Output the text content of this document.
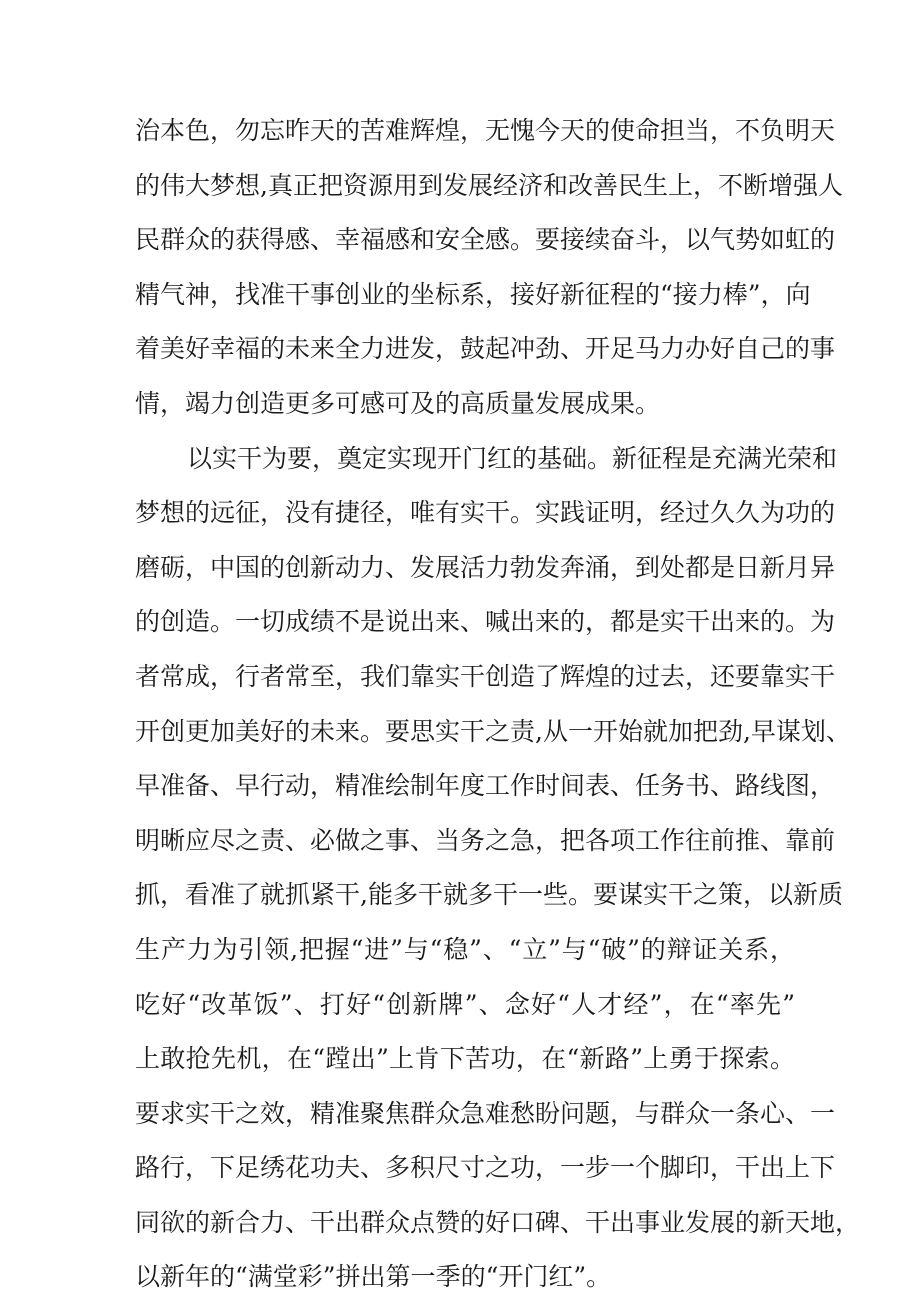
治本色，勿忘昨天的苦难辉煌，无愧今天的使命担当，不负明天
的伟大梦想,真正把资源用到发展经济和改善民生上，不断增强人
民群众的获得感、幸福感和安全感。要接续奋斗，以气势如虹的
精气神，找准干事创业的坐标系，接好新征程的“接力棒”，向
着美好幸福的未来全力进发，鼓起冲劲、开足马力办好自己的事
情，竭力创造更多可感可及的高质量发展成果。
以实干为要，奠定实现开门红的基础。新征程是充满光荣和
梦想的远征，没有捷径，唯有实干。实践证明，经过久久为功的
磨砺，中国的创新动力、发展活力勃发奔涌，到处都是日新月异
的创造。一切成绩不是说出来、喊出来的，都是实干出来的。为
者常成，行者常至，我们靠实干创造了辉煌的过去，还要靠实干
开创更加美好的未来。要思实干之责,从一开始就加把劲,早谋划、
早准备、早行动，精准绘制年度工作时间表、任务书、路线图，
明晰应尽之责、必做之事、当务之急，把各项工作往前推、靠前
抓，看准了就抓紧干,能多干就多干一些。要谋实干之策，以新质
生产力为引领,把握“进”与“稳”、“立”与“破”的辩证关系，
吃好“改革饭”、打好“创新牌”、念好“人才经”，在“率先”
上敢抢先机，在“蹚出”上肯下苦功，在“新路”上勇于探索。
要求实干之效，精准聚焦群众急难愁盼问题，与群众一条心、一
路行，下足绣花功夫、多积尺寸之功，一步一个脚印，干出上下
同欲的新合力、干出群众点赞的好口碑、干出事业发展的新天地，
以新年的“满堂彩”拼出第一季的“开门红”。
